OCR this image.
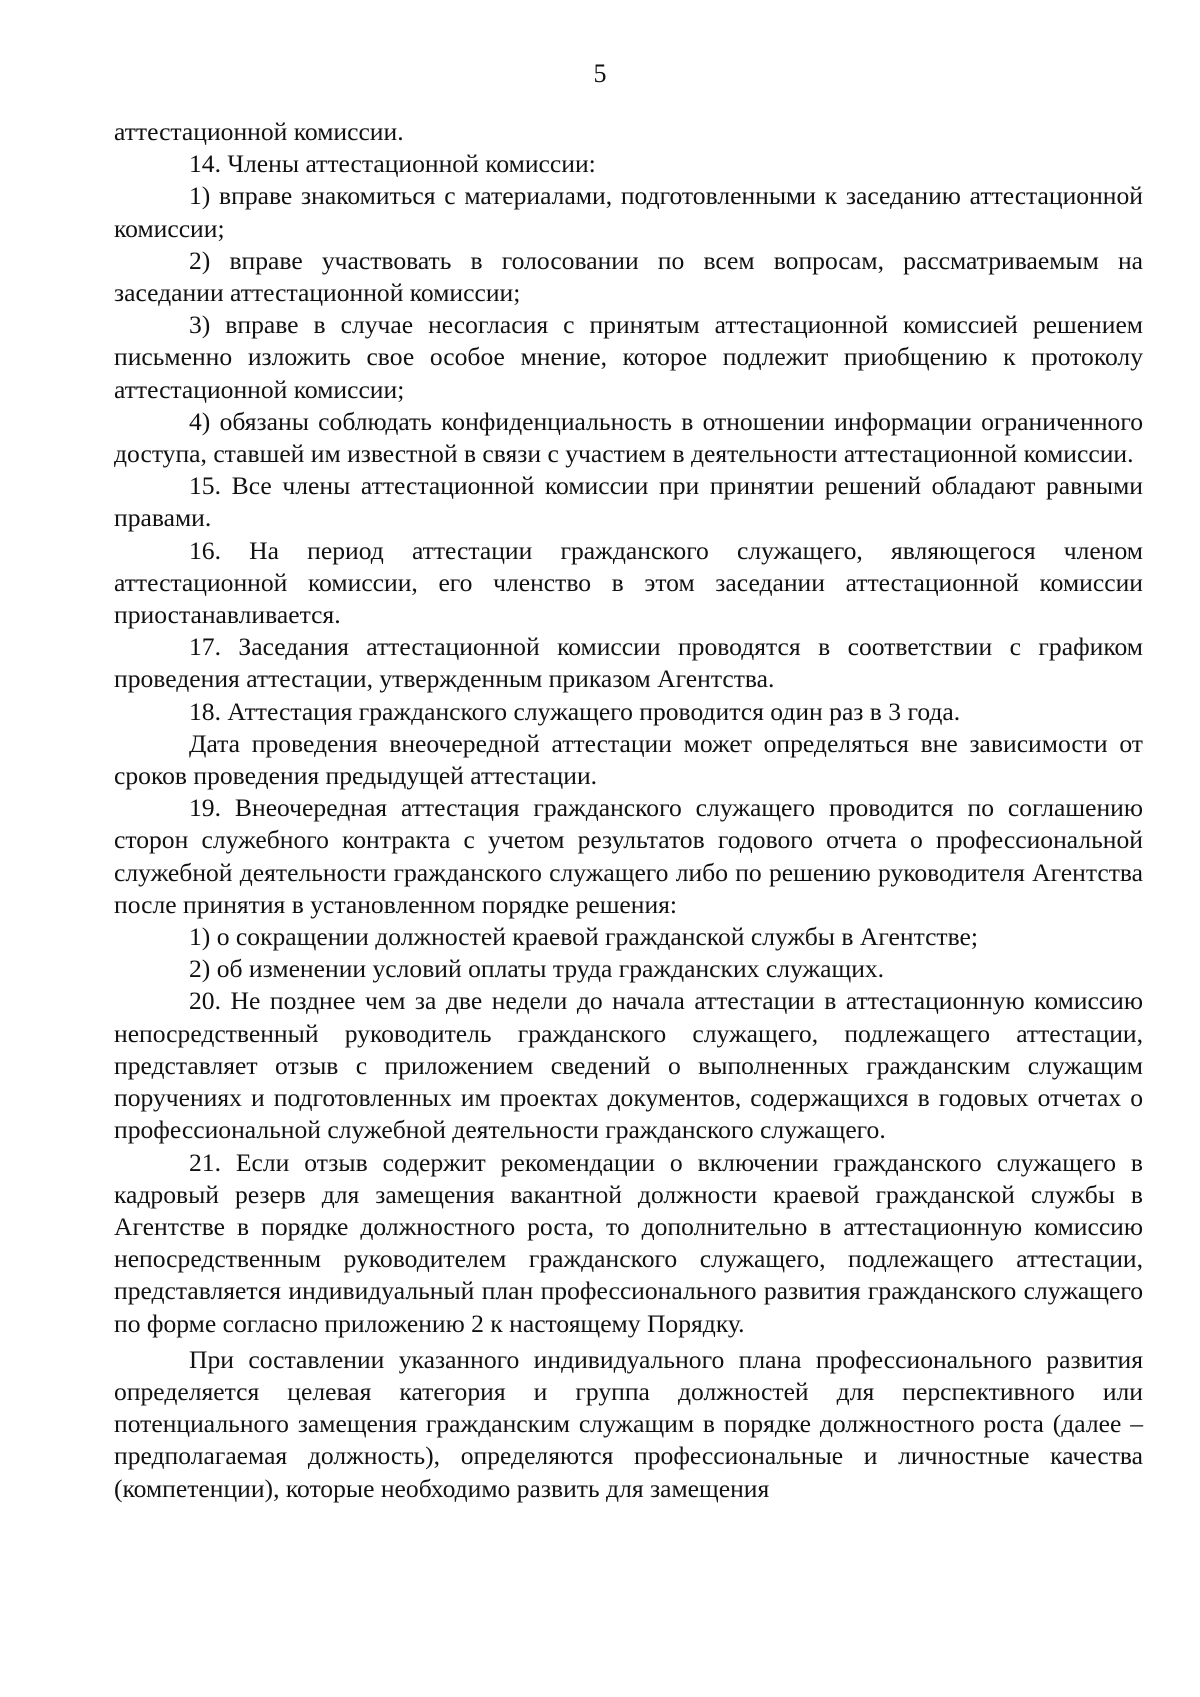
5

аттестационной комиссии.

14. Члены аттестационной комиссии:

1) вправе знакомиться с материалами, подготовленными к заседанию аттестационной комиссии;

2) вправе участвовать в голосовании по всем вопросам, рассматриваемым на заседании аттестационной комиссии;

3) вправе в случае несогласия с принятым аттестационной комиссией решением письменно изложить свое особое мнение, которое подлежит приобщению к протоколу аттестационной комиссии;

4) обязаны соблюдать конфиденциальность в отношении информации ограниченного доступа, ставшей им известной в связи с участием в деятельности аттестационной комиссии.

15. Все члены аттестационной комиссии при принятии решений обладают равными правами.

16. На период аттестации гражданского служащего, являющегося членом аттестационной комиссии, его членство в этом заседании аттестационной комиссии приостанавливается.

17. Заседания аттестационной комиссии проводятся в соответствии с графиком проведения аттестации, утвержденным приказом Агентства.

18. Аттестация гражданского служащего проводится один раз в 3 года.

Дата проведения внеочередной аттестации может определяться вне зависимости от сроков проведения предыдущей аттестации.

19. Внеочередная аттестация гражданского служащего проводится по соглашению сторон служебного контракта с учетом результатов годового отчета о профессиональной служебной деятельности гражданского служащего либо по решению руководителя Агентства после принятия в установленном порядке решения:

1) о сокращении должностей краевой гражданской службы в Агентстве;

2) об изменении условий оплаты труда гражданских служащих.

20. Не позднее чем за две недели до начала аттестации в аттестационную комиссию непосредственный руководитель гражданского служащего, подлежащего аттестации, представляет отзыв с приложением сведений о выполненных гражданским служащим поручениях и подготовленных им проектах документов, содержащихся в годовых отчетах о профессиональной служебной деятельности гражданского служащего.

21. Если отзыв содержит рекомендации о включении гражданского служащего в кадровый резерв для замещения вакантной должности краевой гражданской службы в Агентстве в порядке должностного роста, то дополнительно в аттестационную комиссию непосредственным руководителем гражданского служащего, подлежащего аттестации, представляется индивидуальный план профессионального развития гражданского служащего по форме согласно приложению 2 к настоящему Порядку.

При составлении указанного индивидуального плана профессионального развития определяется целевая категория и группа должностей для перспективного или потенциального замещения гражданским служащим в порядке должностного роста (далее – предполагаемая должность), определяются профессиональные и личностные качества (компетенции), которые необходимо развить для замещения
